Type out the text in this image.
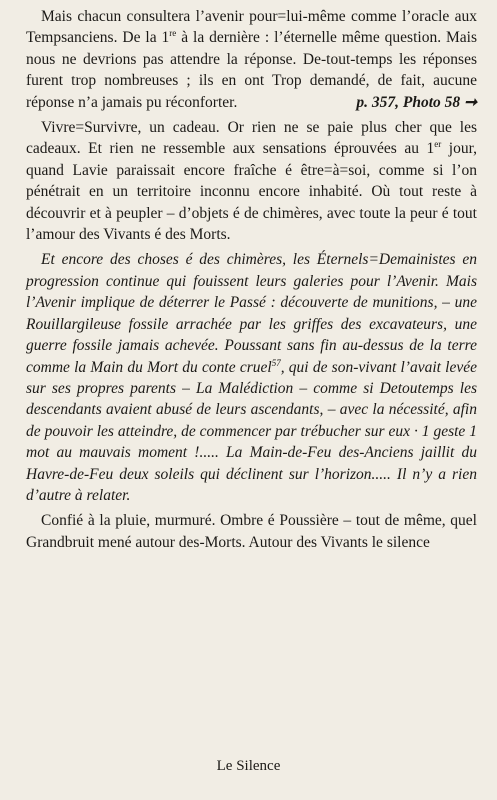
Mais chacun consultera l’avenir pour=lui-même comme l’oracle aux Tempsanciens. De la 1re à la dernière : l’éternelle même question. Mais nous ne devrions pas attendre la réponse. De-tout-temps les réponses furent trop nombreuses ; ils en ont Trop demandé, de fait, aucune réponse n’a jamais pu réconforter.	p. 357, Photo 58 ➞

Vivre=Survivre, un cadeau. Or rien ne se paie plus cher que les cadeaux. Et rien ne ressemble aux sensations éprouvées au 1er jour, quand Lavie paraissait encore fraîche é être=à=soi, comme si l’on pénétrait en un territoire inconnu encore inhabité. Où tout reste à découvrir et à peupler – d’objets é de chimères, avec toute la peur é tout l’amour des Vivants é des Morts.

Et encore des choses é des chimères, les Éternels=Demainistes en progression continue qui fouissent leurs galeries pour l’Avenir. Mais l’Avenir implique de déterrer le Passé : découverte de munitions, – une Rouillargileuse fossile arrachée par les griffes des excavateurs, une guerre fossile jamais achevée. Poussant sans fin au-dessus de la terre comme la Main du Mort du conte cruel$^{57}$, qui de son-vivant l’avait levée sur ses propres parents – La Malédiction – comme si Detoutemps les descendants avaient abusé de leurs ascendants, – avec la nécessité, afin de pouvoir les atteindre, de commencer par trébucher sur eux · 1 geste 1 mot au mauvais moment !..... La Main-de-Feu des-Anciens jaillit du Havre-de-Feu deux soleils qui déclinent sur l’horizon..... Il n’y a rien d’autre à relater.

Confié à la pluie, murmuré. Ombre é Poussière – tout de même, quel Grandbruit mené autour des-Morts. Autour des Vivants le silence

Le Silence
